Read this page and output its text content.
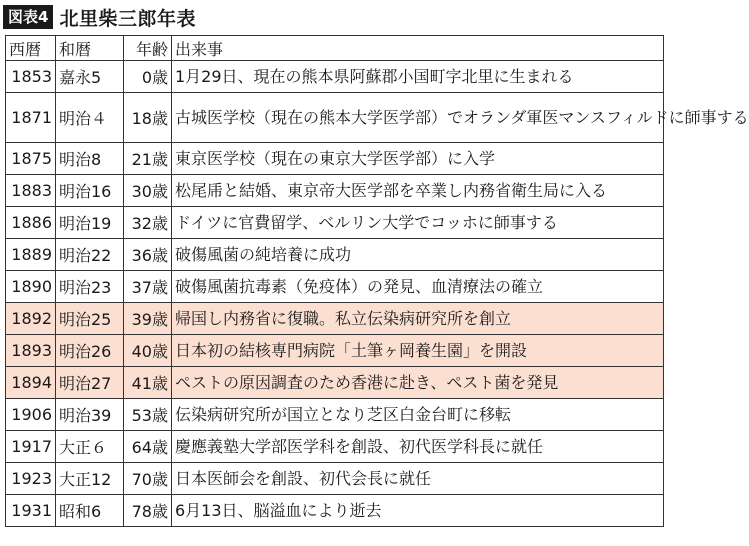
図表4 北里柴三郎年表
西暦	和暦	年齢	出来事
1853	嘉永5	0歳	1月29日、現在の熊本県阿蘇郡小国町字北里に生まれる
1871	明治４	18歳	古城医学校（現在の熊本大学医学部）でオランダ軍医マンスフィルドに師事する
1875	明治8	21歳	東京医学校（現在の東京大学医学部）に入学
1883	明治16	30歳	松尾乕と結婚、東京帝大医学部を卒業し内務省衛生局に入る
1886	明治19	32歳	ドイツに官費留学、ベルリン大学でコッホに師事する
1889	明治22	36歳	破傷風菌の純培養に成功
1890	明治23	37歳	破傷風菌抗毒素（免疫体）の発見、血清療法の確立
1892	明治25	39歳	帰国し内務省に復職。私立伝染病研究所を創立
1893	明治26	40歳	日本初の結核専門病院「土筆ヶ岡養生園」を開設
1894	明治27	41歳	ペストの原因調査のため香港に赴き、ペスト菌を発見
1906	明治39	53歳	伝染病研究所が国立となり芝区白金台町に移転
1917	大正６	64歳	慶應義塾大学部医学科を創設、初代医学科長に就任
1923	大正12	70歳	日本医師会を創設、初代会長に就任
1931	昭和6	78歳	6月13日、脳溢血により逝去
